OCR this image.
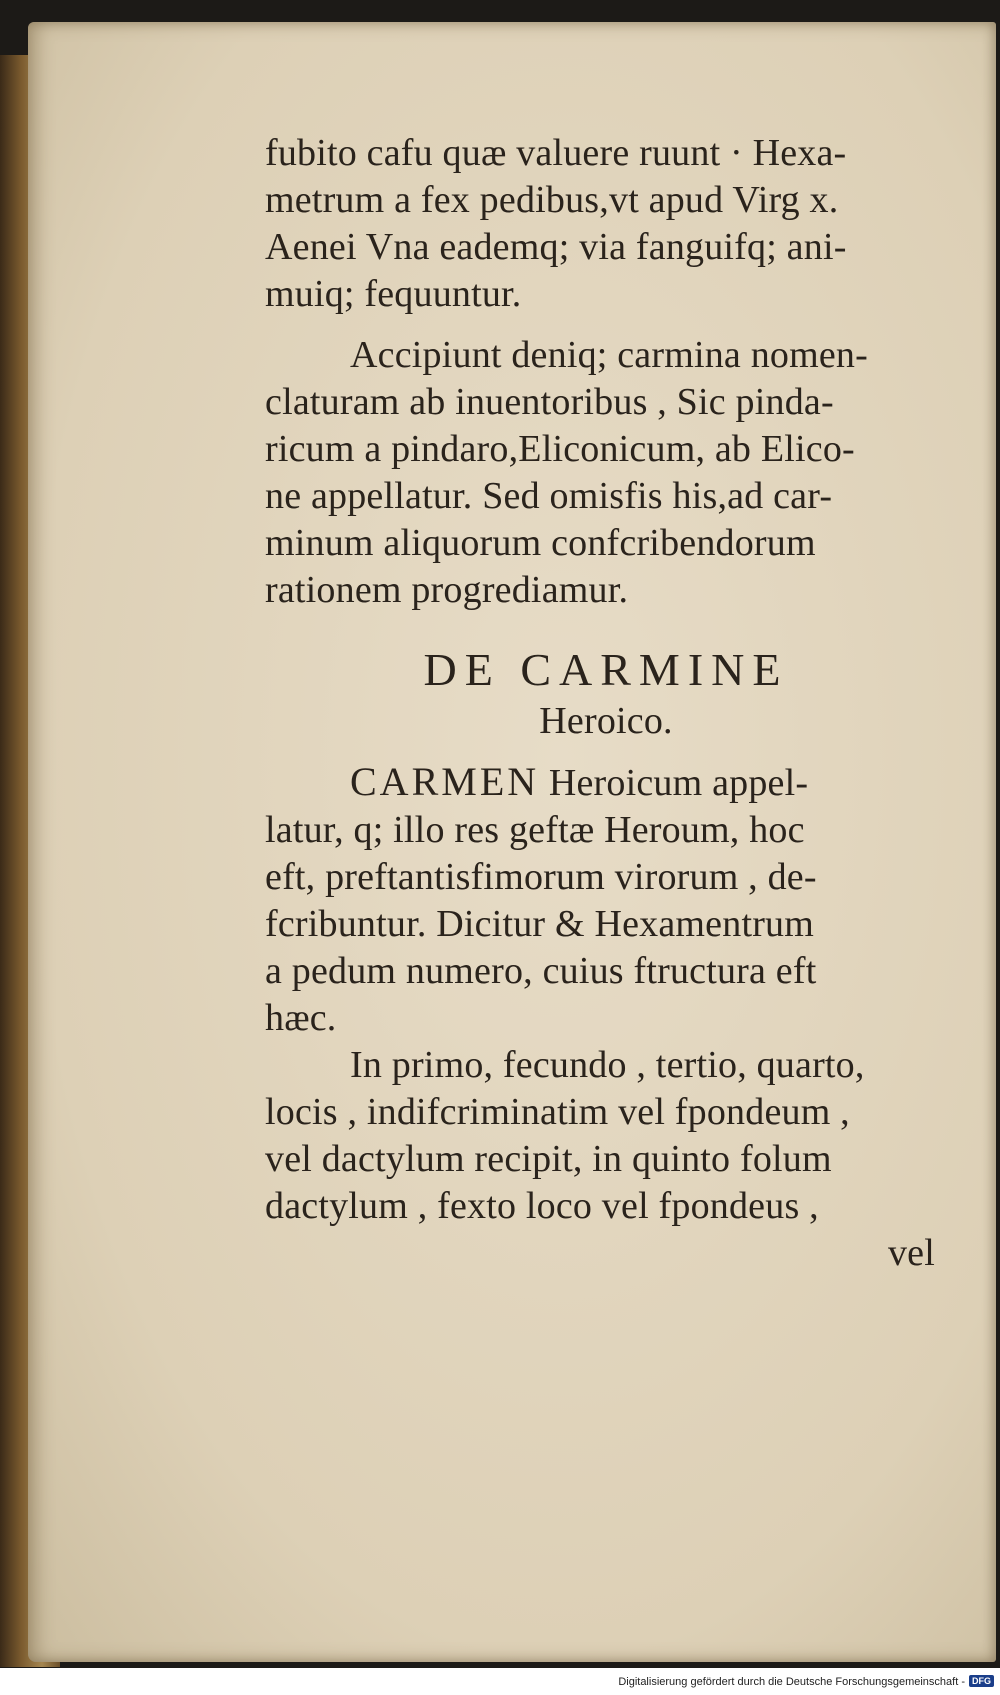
fubito cafu quæ valuere ruunt · Hexa-
metrum a fex pedibus,vt apud Virg x.
Aenei Vna eademq; via fanguifq; ani-
muiq; fequuntur.
Accipiunt deniq; carmina nomen-
claturam ab inuentoribus , Sic pinda-
ricum a pindaro,Eliconicum, ab Elico-
ne appellatur. Sed omisfis his,ad car-
minum aliquorum confcribendorum
rationem progrediamur.
DE CARMINE
Heroico.
CARMEN Heroicum appel-
latur, q; illo res geftæ Heroum, hoc
eft, preftantisfimorum virorum , de-
fcribuntur. Dicitur & Hexamentrum
a pedum numero, cuius ftructura eft
hæc.
In primo, fecundo , tertio, quarto,
locis , indifcriminatim vel fpondeum ,
vel dactylum recipit, in quinto folum
dactylum , fexto loco vel fpondeus ,
vel
Digitalisierung gefördert durch die Deutsche Forschungsgemeinschaft - DFG
